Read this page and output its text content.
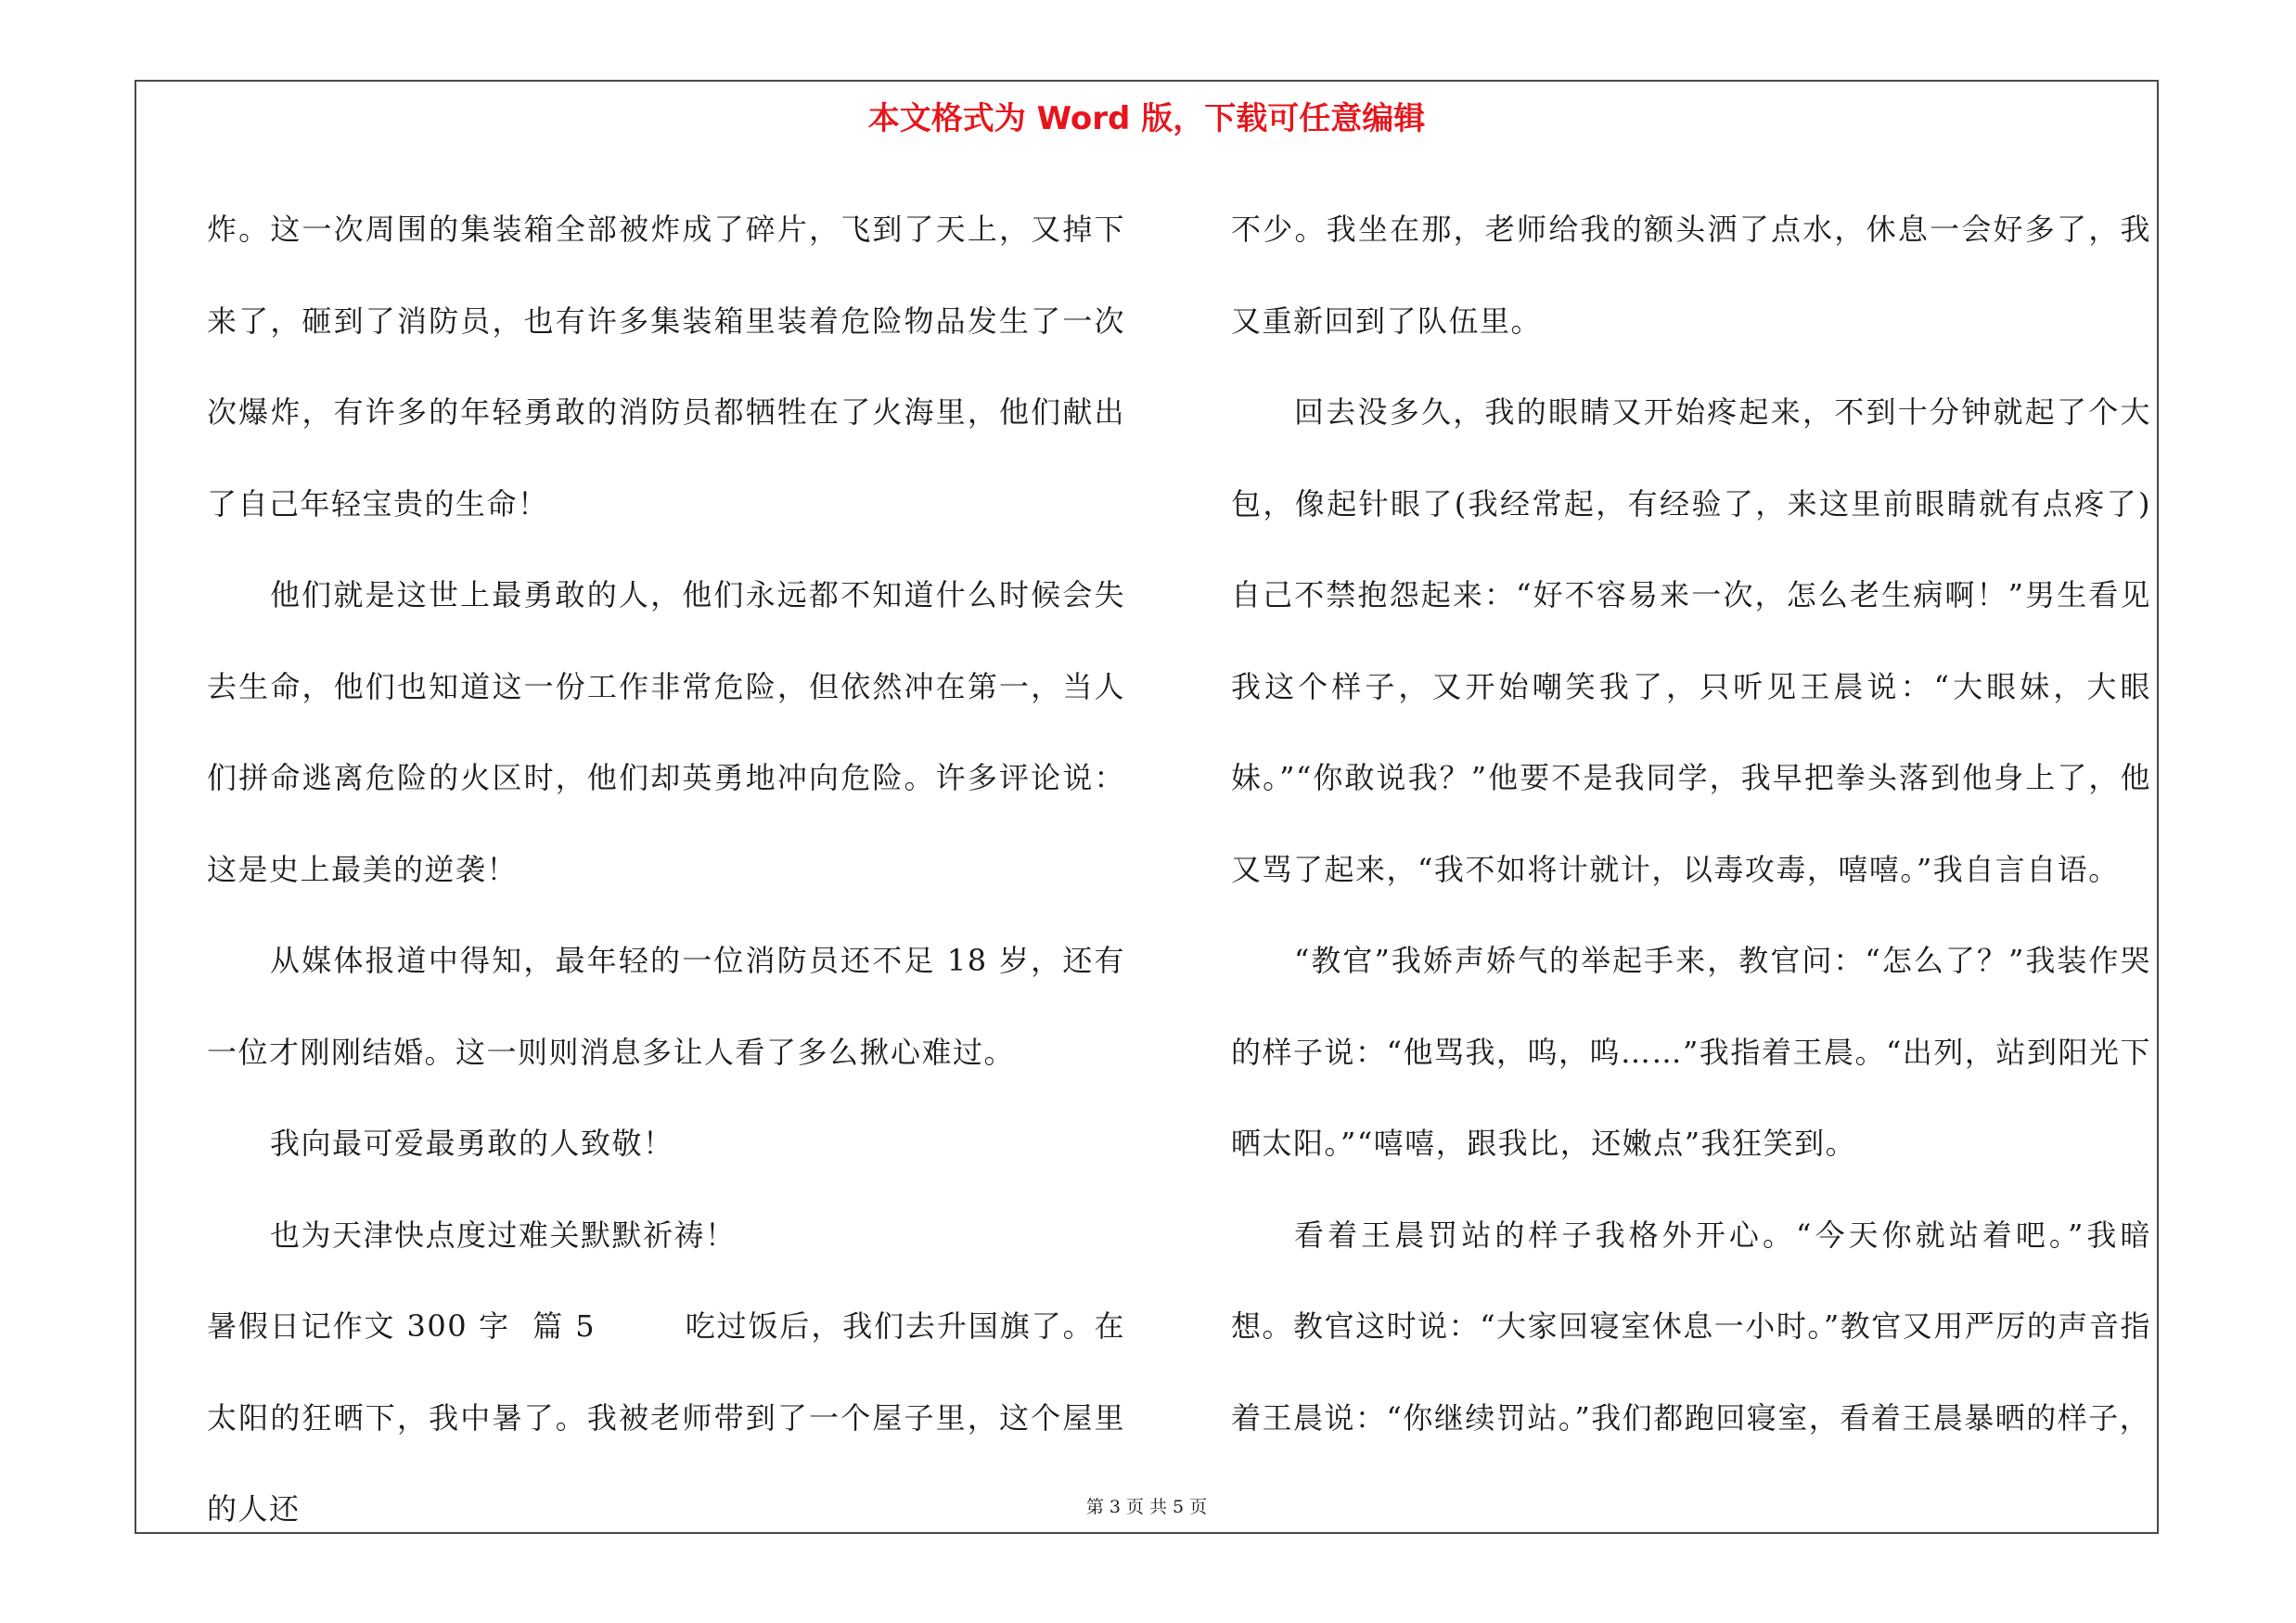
本文格式为 Word 版，下载可任意编辑

炸。这一次周围的集装箱全部被炸成了碎片，飞到了天上，又掉下来了，砸到了消防员，也有许多集装箱里装着危险物品发生了一次次爆炸，有许多的年轻勇敢的消防员都牺牲在了火海里，他们献出了自己年轻宝贵的生命！

他们就是这世上最勇敢的人，他们永远都不知道什么时候会失去生命，他们也知道这一份工作非常危险，但依然冲在第一，当人们拼命逃离危险的火区时，他们却英勇地冲向危险。许多评论说：这是史上最美的逆袭！

从媒体报道中得知，最年轻的一位消防员还不足 18 岁，还有一位才刚刚结婚。这一则则消息多让人看了多么揪心难过。

我向最可爱最勇敢的人致敬！

也为天津快点度过难关默默祈祷！

暑假日记作文 300 字  篇 5        吃过饭后，我们去升国旗了。在太阳的狂晒下，我中暑了。我被老师带到了一个屋子里，这个屋里的人还

不少。我坐在那，老师给我的额头洒了点水，休息一会好多了，我又重新回到了队伍里。

回去没多久，我的眼睛又开始疼起来，不到十分钟就起了个大包，像起针眼了(我经常起，有经验了，来这里前眼睛就有点疼了)自己不禁抱怨起来：“好不容易来一次，怎么老生病啊！”男生看见我这个样子，又开始嘲笑我了，只听见王晨说：“大眼妹，大眼妹。”“你敢说我？”他要不是我同学，我早把拳头落到他身上了，他又骂了起来，“我不如将计就计，以毒攻毒，嘻嘻。”我自言自语。

“教官”我娇声娇气的举起手来，教官问：“怎么了？”我装作哭的样子说：“他骂我，呜，呜……”我指着王晨。“出列，站到阳光下晒太阳。”“嘻嘻，跟我比，还嫩点”我狂笑到。

看着王晨罚站的样子我格外开心。“今天你就站着吧。”我暗想。教官这时说：“大家回寝室休息一小时。”教官又用严厉的声音指着王晨说：“你继续罚站。”我们都跑回寝室，看着王晨暴晒的样子，

第 3 页 共 5 页
